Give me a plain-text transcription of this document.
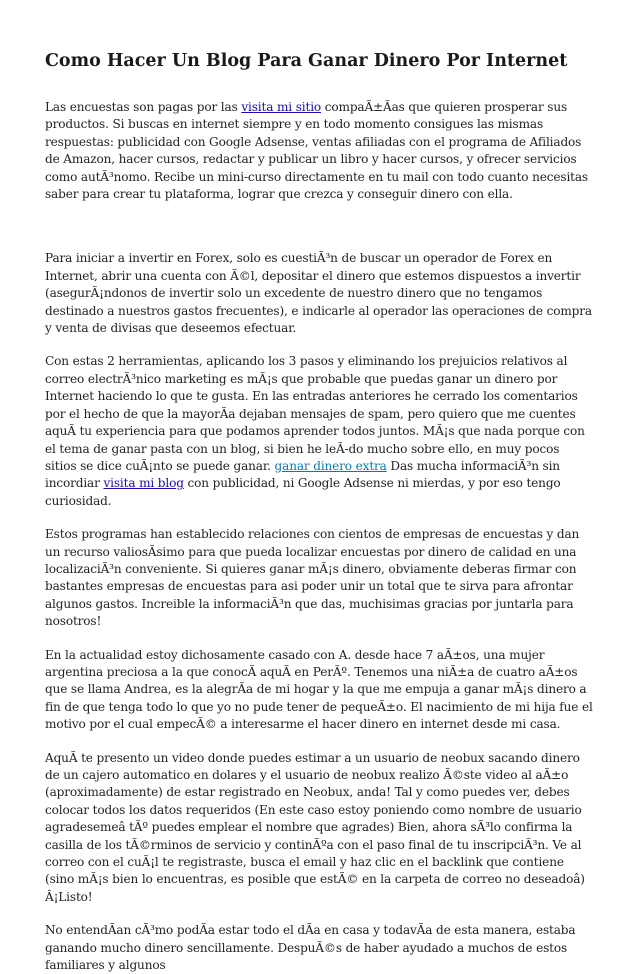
Como Hacer Un Blog Para Ganar Dinero Por Internet

Las encuestas son pagas por las visita mi sitio compaÃ±Ãas que quieren prosperar sus productos. Si buscas en internet siempre y en todo momento consigues las mismas respuestas: publicidad con Google Adsense, ventas afiliadas con el programa de Afiliados de Amazon, hacer cursos, redactar y publicar un libro y hacer cursos, y ofrecer servicios como autÃ³nomo. Recibe un mini-curso directamente en tu mail con todo cuanto necesitas saber para crear tu plataforma, lograr que crezca y conseguir dinero con ella.

Para iniciar a invertir en Forex, solo es cuestiÃ³n de buscar un operador de Forex en Internet, abrir una cuenta con Ã©l, depositar el dinero que estemos dispuestos a invertir (asegurÃ¡ndonos de invertir solo un excedente de nuestro dinero que no tengamos destinado a nuestros gastos frecuentes), e indicarle al operador las operaciones de compra y venta de divisas que deseemos efectuar.

Con estas 2 herramientas, aplicando los 3 pasos y eliminando los prejuicios relativos al correo electrÃ³nico marketing es mÃ¡s que probable que puedas ganar un dinero por Internet haciendo lo que te gusta. En las entradas anteriores he cerrado los comentarios por el hecho de que la mayorÃa dejaban mensajes de spam, pero quiero que me cuentes aquÃ tu experiencia para que podamos aprender todos juntos. MÃ¡s que nada porque con el tema de ganar pasta con un blog, si bien he leÃ-do mucho sobre ello, en muy pocos sitios se dice cuÃ¡nto se puede ganar. ganar dinero extra Das mucha informaciÃ³n sin incordiar visita mi blog con publicidad, ni Google Adsense ni mierdas, y por eso tengo curiosidad.

Estos programas han establecido relaciones con cientos de empresas de encuestas y dan un recurso valiosÃsimo para que pueda localizar encuestas por dinero de calidad en una localizaciÃ³n conveniente. Si quieres ganar mÃ¡s dinero, obviamente deberas firmar con bastantes empresas de encuestas para asi poder unir un total que te sirva para afrontar algunos gastos. Increible la informaciÃ³n que das, muchisimas gracias por juntarla para nosotros!

En la actualidad estoy dichosamente casado con A. desde hace 7 aÃ±os, una mujer argentina preciosa a la que conocÃ aquÃ en PerÃº. Tenemos una niÃ±a de cuatro aÃ±os que se llama Andrea, es la alegrÃa de mi hogar y la que me empuja a ganar mÃ¡s dinero a fin de que tenga todo lo que yo no pude tener de pequeÃ±o. El nacimiento de mi hija fue el motivo por el cual empecÃ© a interesarme el hacer dinero en internet desde mi casa.

AquÃ te presento un video donde puedes estimar a un usuario de neobux sacando dinero de un cajero automatico en dolares y el usuario de neobux realizo Ã©ste video al aÃ±o (aproximadamente) de estar registrado en Neobux, anda! Tal y como puedes ver, debes colocar todos los datos requeridos (En este caso estoy poniendo como nombre de usuario agradesemeâ tÃº puedes emplear el nombre que agrades) Bien, ahora sÃ³lo confirma la casilla de los tÃ©rminos de servicio y continÃºa con el paso final de tu inscripciÃ³n. Ve al correo con el cuÃ¡l te registraste, busca el email y haz clic en el backlink que contiene (sino mÃ¡s bien lo encuentras, es posible que estÃ© en la carpeta de correo no deseadoâ) Â¡Listo!

No entendÃan cÃ³mo podÃa estar todo el dÃa en casa y todavÃa de esta manera, estaba ganando mucho dinero sencillamente. DespuÃ©s de haber ayudado a muchos de estos familiares y algunos
